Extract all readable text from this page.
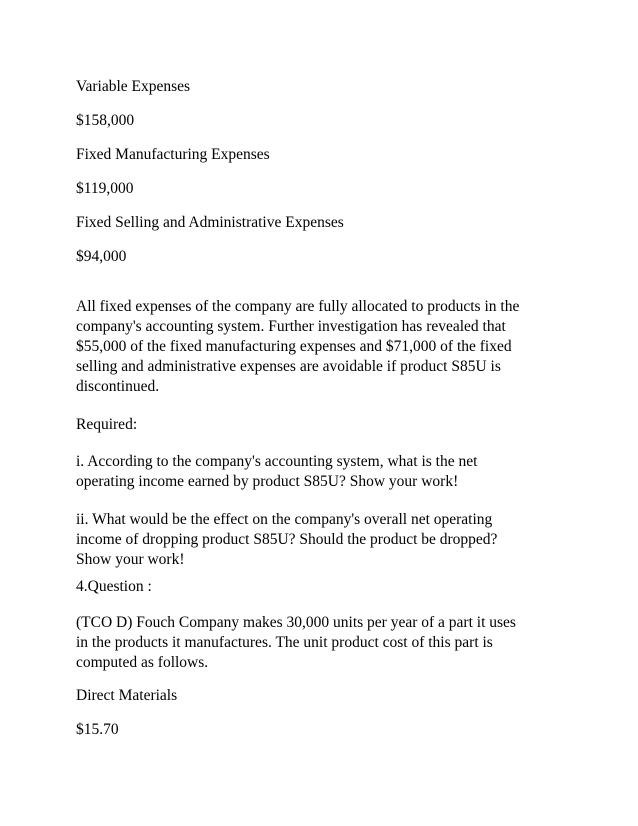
Variable Expenses

$158,000

Fixed Manufacturing Expenses

$119,000

Fixed Selling and Administrative Expenses

$94,000

All fixed expenses of the company are fully allocated to products in the
company's accounting system. Further investigation has revealed that
$55,000 of the fixed manufacturing expenses and $71,000 of the fixed
selling and administrative expenses are avoidable if product S85U is
discontinued.

Required:

i. According to the company's accounting system, what is the net
operating income earned by product S85U? Show your work!

ii. What would be the effect on the company's overall net operating
income of dropping product S85U? Should the product be dropped?
Show your work!

4.Question :

(TCO D) Fouch Company makes 30,000 units per year of a part it uses
in the products it manufactures. The unit product cost of this part is
computed as follows.

Direct Materials

$15.70
